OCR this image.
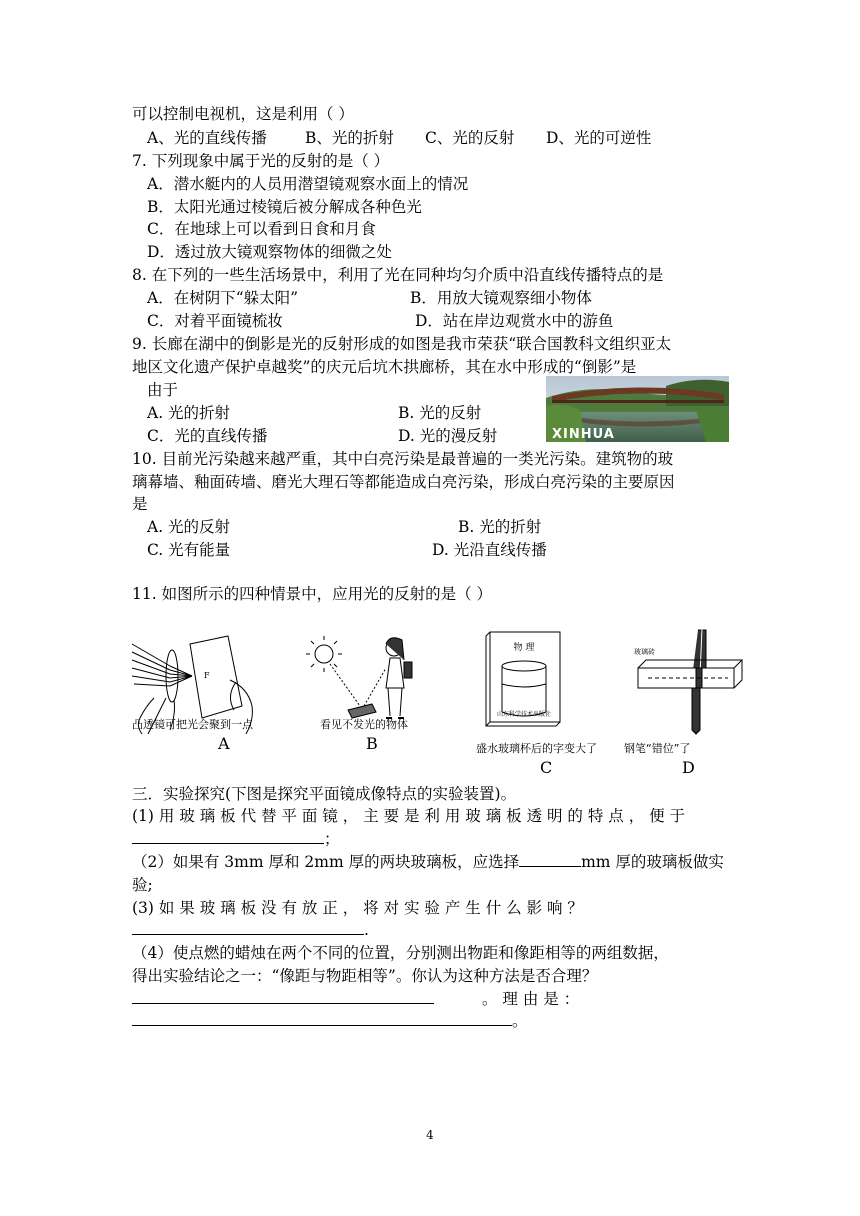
可以控制电视机，这是利用（ ）
A、光的直线传播 B、光的折射 C、光的反射 D、光的可逆性
7. 下列现象中属于光的反射的是（ ）
A．潜水艇内的人员用潜望镜观察水面上的情况
B．太阳光通过棱镜后被分解成各种色光
C．在地球上可以看到日食和月食
D．透过放大镜观察物体的细微之处
8. 在下列的一些生活场景中，利用了光在同种均匀介质中沿直线传播特点的是
A．在树阴下“躲太阳”	B．用放大镜观察细小物体
C．对着平面镜梳妆	D．站在岸边观赏水中的游鱼
9. 长廊在湖中的倒影是光的反射形成的如图是我市荣获“联合国教科文组织亚太
地区文化遗产保护卓越奖”的庆元后坑木拱廊桥，其在水中形成的“倒影”是
由于
A. 光的折射	B. 光的反射
C．光的直线传播	D. 光的漫反射	XINHUA
10. 目前光污染越来越严重，其中白亮污染是最普遍的一类光污染。建筑物的玻
璃幕墙、釉面砖墙、磨光大理石等都能造成白亮污染，形成白亮污染的主要原因
是
A. 光的反射	B. 光的折射
C. 光有能量	D. 光沿直线传播
11. 如图所示的四种情景中，应用光的反射的是（ ）
F
凸透镜可把光会聚到一点
A
看见不发光的物体
B
物 理
山东科学技术出版社
盛水玻璃杯后的字变大了
C
玻璃砖
钢笔“错位”了
D
三．实验探究(下图是探究平面镜成像特点的实验装置)。
(1) 用 玻 璃 板 代 替 平 面 镜 ， 主 要 是 利 用 玻 璃 板 透 明 的 特 点 ， 便 于
；
（2）如果有 3mm 厚和 2mm 厚的两块玻璃板，应选择	mm 厚的玻璃板做实
验;
(3) 如 果 玻 璃 板 没 有 放 正 ， 将 对 实 验 产 生 什 么 影 响 ？
.
（4）使点燃的蜡烛在两个不同的位置，分别测出物距和像距相等的两组数据，
得出实验结论之一：“像距与物距相等”。你认为这种方法是否合理？
。 理 由 是 ：
。
4
